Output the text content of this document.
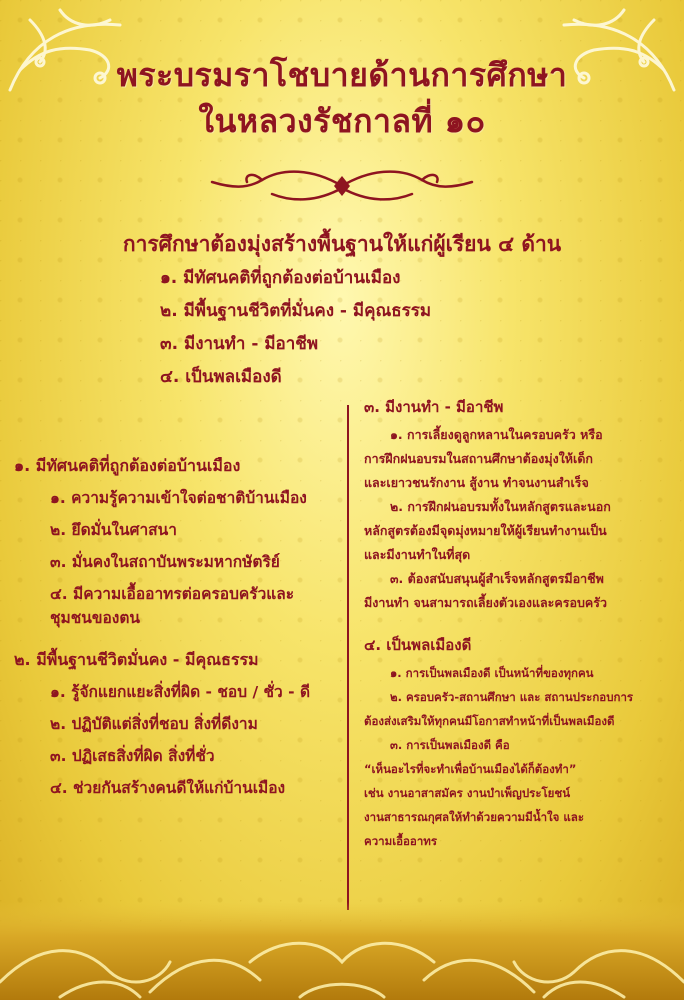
พระบรมราโชบายด้านการศึกษา
ในหลวงรัชกาลที่ ๑๐
การศึกษาต้องมุ่งสร้างพื้นฐานให้แก่ผู้เรียน ๔ ด้าน
๑. มีทัศนคติที่ถูกต้องต่อบ้านเมือง
๒. มีพื้นฐานชีวิตที่มั่นคง - มีคุณธรรม
๓. มีงานทำ - มีอาชีพ
๔. เป็นพลเมืองดี
๑. มีทัศนคติที่ถูกต้องต่อบ้านเมือง
๑. ความรู้ความเข้าใจต่อชาติบ้านเมือง
๒. ยึดมั่นในศาสนา
๓. มั่นคงในสถาบันพระมหากษัตริย์
๔. มีความเอื้ออาทรต่อครอบครัวและ
ชุมชนของตน
๒. มีพื้นฐานชีวิตมั่นคง - มีคุณธรรม
๑. รู้จักแยกแยะสิ่งที่ผิด - ชอบ / ชั่ว - ดี
๒. ปฏิบัติแต่สิ่งที่ชอบ สิ่งที่ดีงาม
๓. ปฏิเสธสิ่งที่ผิด สิ่งที่ชั่ว
๔. ช่วยกันสร้างคนดีให้แก่บ้านเมือง
๓. มีงานทำ - มีอาชีพ

๑. การเลี้ยงดูลูกหลานในครอบครัว หรือ

การฝึกฝนอบรมในสถานศึกษาต้องมุ่งให้เด็ก

และเยาวชนรักงาน สู้งาน ทำจนงานสำเร็จ

๒. การฝึกฝนอบรมทั้งในหลักสูตรและนอก

หลักสูตรต้องมีจุดมุ่งหมายให้ผู้เรียนทำงานเป็น

และมีงานทำในที่สุด

๓. ต้องสนับสนุนผู้สำเร็จหลักสูตรมีอาชีพ

มีงานทำ จนสามารถเลี้ยงตัวเองและครอบครัว

๔. เป็นพลเมืองดี

๑. การเป็นพลเมืองดี เป็นหน้าที่ของทุกคน

๒. ครอบครัว-สถานศึกษา และ สถานประกอบการ

ต้องส่งเสริมให้ทุกคนมีโอกาสทำหน้าที่เป็นพลเมืองดี

๓. การเป็นพลเมืองดี คือ

“เห็นอะไรที่จะทำเพื่อบ้านเมืองได้ก็ต้องทำ”

เช่น งานอาสาสมัคร งานบำเพ็ญประโยชน์

งานสาธารณกุศลให้ทำด้วยความมีน้ำใจ และ

ความเอื้ออาทร
